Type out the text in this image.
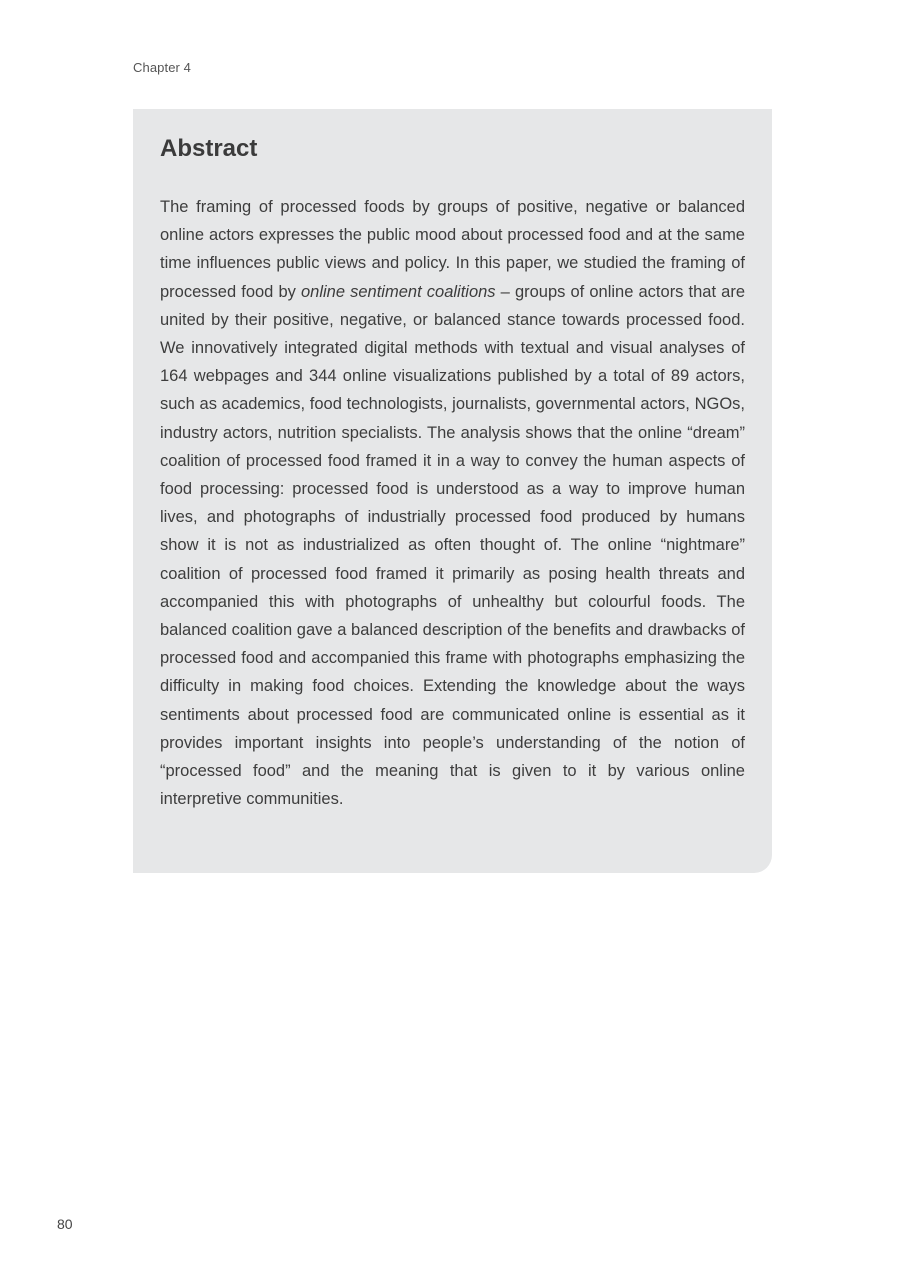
Chapter 4
Abstract

The framing of processed foods by groups of positive, negative or balanced online actors expresses the public mood about processed food and at the same time influences public views and policy. In this paper, we studied the framing of processed food by online sentiment coalitions – groups of online actors that are united by their positive, negative, or balanced stance towards processed food. We innovatively integrated digital methods with textual and visual analyses of 164 webpages and 344 online visualizations published by a total of 89 actors, such as academics, food technologists, journalists, governmental actors, NGOs, industry actors, nutrition specialists. The analysis shows that the online “dream” coalition of processed food framed it in a way to convey the human aspects of food processing: processed food is understood as a way to improve human lives, and photographs of industrially processed food produced by humans show it is not as industrialized as often thought of. The online “nightmare” coalition of processed food framed it primarily as posing health threats and accompanied this with photographs of unhealthy but colourful foods. The balanced coalition gave a balanced description of the benefits and drawbacks of processed food and accompanied this frame with photographs emphasizing the difficulty in making food choices. Extending the knowledge about the ways sentiments about processed food are communicated online is essential as it provides important insights into people’s understanding of the notion of “processed food” and the meaning that is given to it by various online interpretive communities.

80
